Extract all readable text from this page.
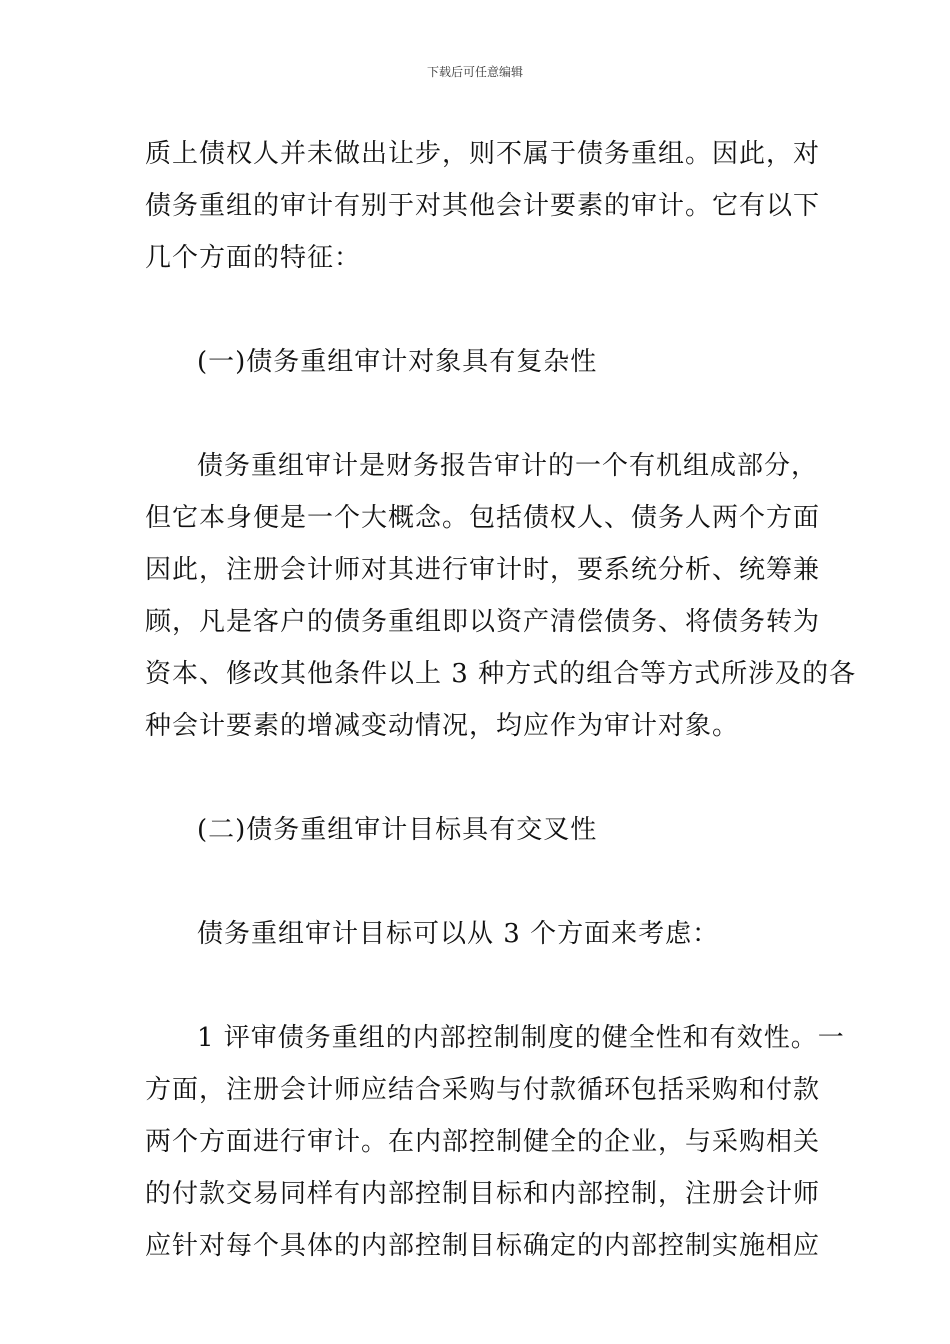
下载后可任意编辑
质上债权人并未做出让步，则不属于债务重组。因此，对
债务重组的审计有别于对其他会计要素的审计。它有以下
几个方面的特征：
(一)债务重组审计对象具有复杂性
债务重组审计是财务报告审计的一个有机组成部分，
但它本身便是一个大概念。包括债权人、债务人两个方面
因此，注册会计师对其进行审计时，要系统分析、统筹兼
顾，凡是客户的债务重组即以资产清偿债务、将债务转为
资本、修改其他条件以上 3 种方式的组合等方式所涉及的各
种会计要素的增减变动情况，均应作为审计对象。
(二)债务重组审计目标具有交叉性
债务重组审计目标可以从 3 个方面来考虑：
1 评审债务重组的内部控制制度的健全性和有效性。一
方面，注册会计师应结合采购与付款循环包括采购和付款
两个方面进行审计。在内部控制健全的企业，与采购相关
的付款交易同样有内部控制目标和内部控制，注册会计师
应针对每个具体的内部控制目标确定的内部控制实施相应
